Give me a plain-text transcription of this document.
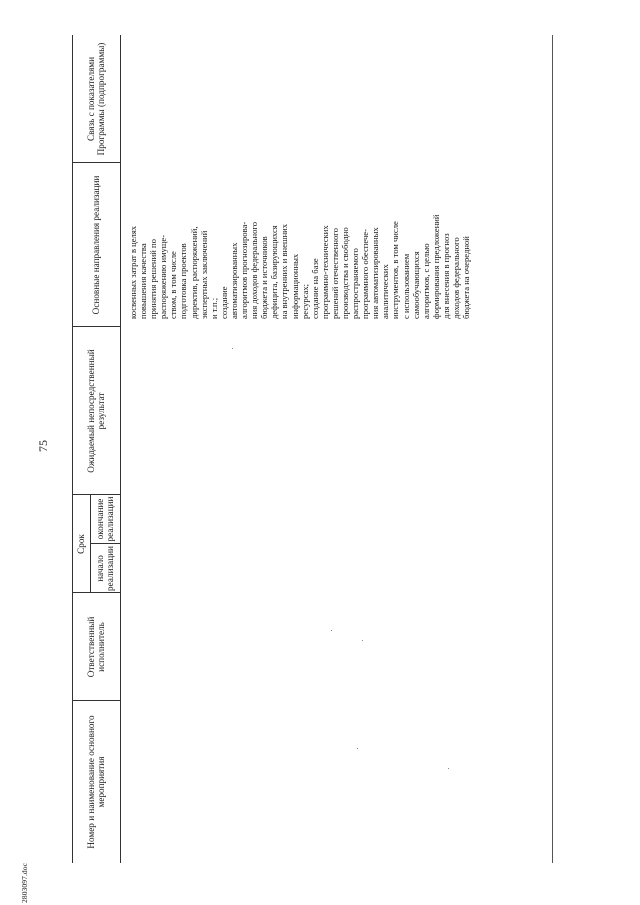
75
2803097.doc
Номер и наименование основного мероприятия
Ответственный исполнитель
Срок
начало реализации
окончание реализации
Ожидаемый непосредственный результат
Основные направления реализации
Связь с показателями Программы (подпрограммы)
косвенных затрат в целях повышения качества принятия решений по распоряжению имуще- ством, в том числе подготовка проектов директив, распоряжений, экспертных заключений и т.п.; создание автоматизированных алгоритмов прогнозирова- ния доходов федерального бюджета и источников дефицита, базирующихся на внутренних и внешних информационных ресурсах; создание на базе программно-технических решений отечественного производства и свободно распространяемого программного обеспече- ния автоматизированных аналитических инструментов, в том числе с использованием самообучающихся алгоритмов, с целью формирования предложений для внесения в прогноз доходов федерального бюджета на очередной
